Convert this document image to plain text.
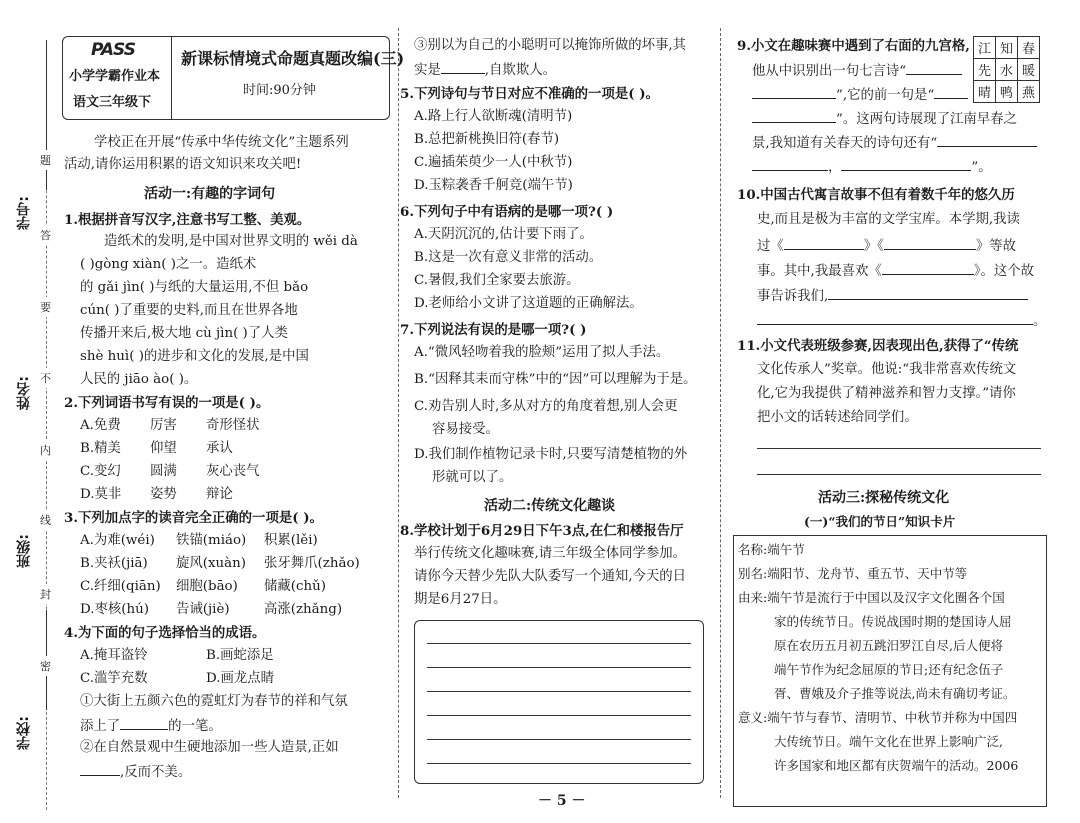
学号:
姓名:
班级:
学校:
题
答
要
不
内
线
封
密
PASS
小学学霸作业本
语文三年级下
新课标情境式命题真题改编(三)
时间:90分钟
学校正在开展“传承中华传统文化”主题系列
活动,请你运用积累的语文知识来攻关吧!
活动一:有趣的字词句
1.根据拼音写汉字,注意书写工整、美观。
造纸术的发明,是中国对世界文明的 wěi dà
( )gòng xiàn( )之一。造纸术
的 gǎi jìn( )与纸的大量运用,不但 bǎo
cún( )了重要的史料,而且在世界各地
传播开来后,极大地 cù jìn( )了人类
shè huì( )的进步和文化的发展,是中国
人民的 jiāo ào( )。
2.下列词语书写有误的一项是( )。
A.免费 厉害 奇形怪状
B.精美 仰望 承认
C.变幻 圆满 灰心丧气
D.莫非 姿势 辩论
3.下列加点字的读音完全正确的一项是( )。
A.为难(wéi) 铁锚(miáo) 积累(lěi)
B.夹袄(jiā) 旋风(xuàn) 张牙舞爪(zhǎo)
C.纤细(qiān) 细胞(bāo) 储藏(chǔ)
D.枣核(hú) 告诫(jiè)	高涨(zhǎng)
4.为下面的句子选择恰当的成语。
A.掩耳盗铃	B.画蛇添足
C.滥竽充数	D.画龙点睛
①大街上五颜六色的霓虹灯为春节的祥和气氛
添上了	的一笔。
②在自然景观中生硬地添加一些人造景,正如
,反而不美。
③别以为自己的小聪明可以掩饰所做的坏事,其
实是	,自欺欺人。
5.下列诗句与节日对应不准确的一项是( )。
A.路上行人欲断魂(清明节)
B.总把新桃换旧符(春节)
C.遍插茱萸少一人(中秋节)
D.玉粽袭香千舸竞(端午节)
6.下列句子中有语病的是哪一项?( )
A.天阴沉沉的,估计要下雨了。
B.这是一次有意义非常的活动。
C.暑假,我们全家要去旅游。
D.老师给小文讲了这道题的正确解法。
7.下列说法有误的是哪一项?( )
A.“微风轻吻着我的脸颊”运用了拟人手法。
B.“因释其耒而守株”中的“因”可以理解为于是。
C.劝告别人时,多从对方的角度着想,别人会更
容易接受。
D.我们制作植物记录卡时,只要写清楚植物的外
形就可以了。
活动二:传统文化趣谈
8.学校计划于6月29日下午3点,在仁和楼报告厅
举行传统文化趣味赛,请三年级全体同学参加。
请你今天替少先队大队委写一个通知,今天的日
期是6月27日。
－ 5 －
9.小文在趣味赛中遇到了右面的九宫格,
他从中识别出一句七言诗“
”,它的前一句是“
”。这两句诗展现了江南早春之
景,我知道有关春天的诗句还有“
，	”。
江	知	春
先	水	暖
晴	鸭	燕
10.中国古代寓言故事不但有着数千年的悠久历
史,而且是极为丰富的文学宝库。本学期,我读
过《	》《	》等故
事。其中,我最喜欢《	》。这个故
事告诉我们,
。
11.小文代表班级参赛,因表现出色,获得了“传统
文化传承人”奖章。他说:“我非常喜欢传统文
化,它为我提供了精神滋养和智力支撑。”请你
把小文的话转述给同学们。
活动三:探秘传统文化
(一)“我们的节日”知识卡片
名称:端午节
别名:端阳节、龙舟节、重五节、天中节等
由来:端午节是流行于中国以及汉字文化圈各个国
家的传统节日。传说战国时期的楚国诗人屈
原在农历五月初五跳汨罗江自尽,后人便将
端午节作为纪念屈原的节日;还有纪念伍子
胥、曹娥及介子推等说法,尚未有确切考证。
意义:端午节与春节、清明节、中秋节并称为中国四
大传统节日。端午文化在世界上影响广泛,
许多国家和地区都有庆贺端午的活动。2006
